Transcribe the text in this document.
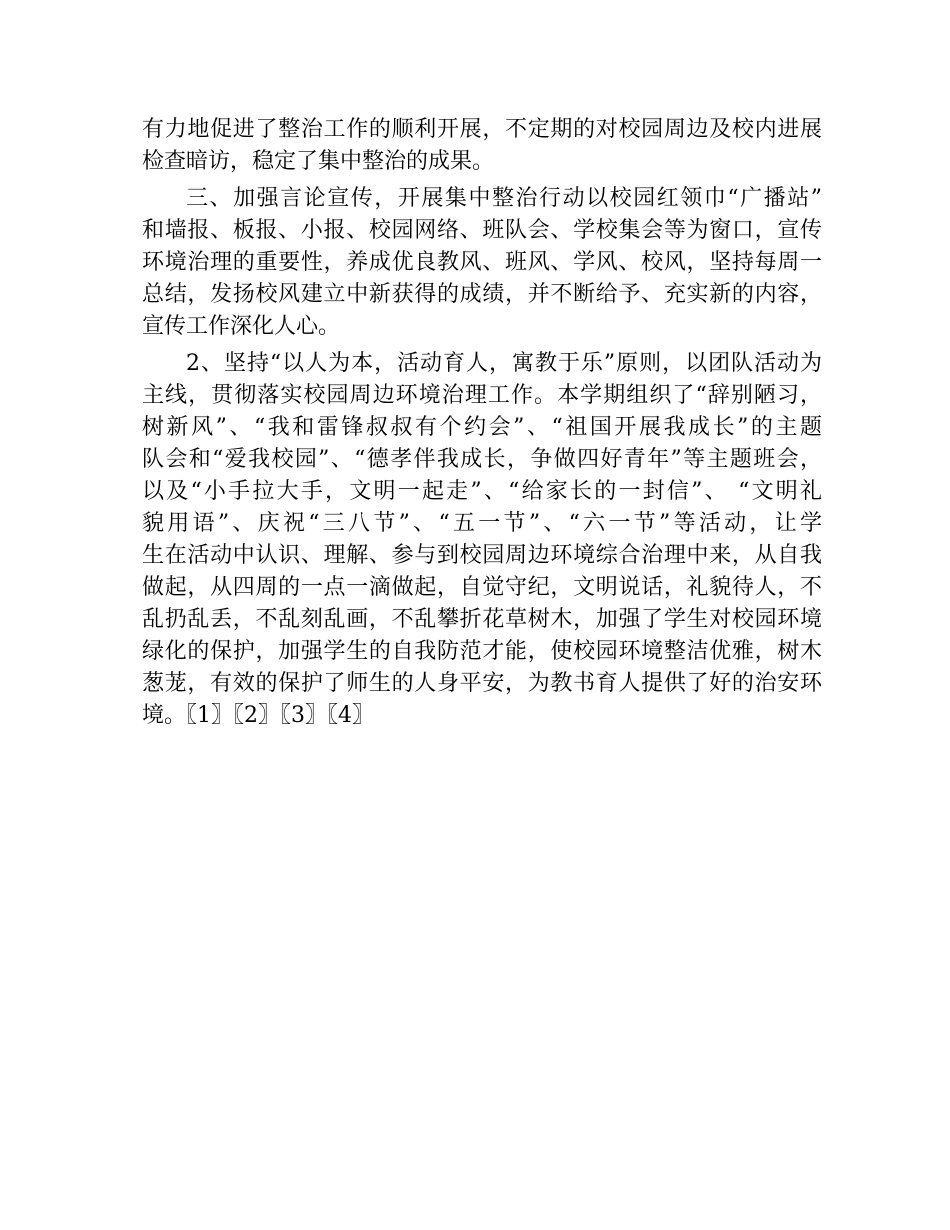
有力地促进了整治工作的顺利开展，不定期的对校园周边及校内进展
检查暗访，稳定了集中整治的成果。
三、加强言论宣传，开展集中整治行动以校园红领巾“广播站”
和墙报、板报、小报、校园网络、班队会、学校集会等为窗口，宣传
环境治理的重要性，养成优良教风、班风、学风、校风，坚持每周一
总结，发扬校风建立中新获得的成绩，并不断给予、充实新的内容，
宣传工作深化人心。
2、坚持“以人为本，活动育人，寓教于乐”原则，以团队活动为
主线，贯彻落实校园周边环境治理工作。本学期组织了“辞别陋习，
树新风”、“我和雷锋叔叔有个约会”、“祖国开展我成长”的主题
队会和“爱我校园”、“德孝伴我成长，争做四好青年”等主题班会，
以及“小手拉大手，文明一起走”、“给家长的一封信”、 “文明礼
貌用语”、庆祝“三八节”、“五一节”、“六一节”等活动，让学
生在活动中认识、理解、参与到校园周边环境综合治理中来，从自我
做起，从四周的一点一滴做起，自觉守纪，文明说话，礼貌待人，不
乱扔乱丢，不乱刻乱画，不乱攀折花草树木，加强了学生对校园环境
绿化的保护，加强学生的自我防范才能，使校园环境整洁优雅，树木
葱茏，有效的保护了师生的人身平安，为教书育人提供了好的治安环
境。〖1〗〖2〗〖3〗〖4〗
